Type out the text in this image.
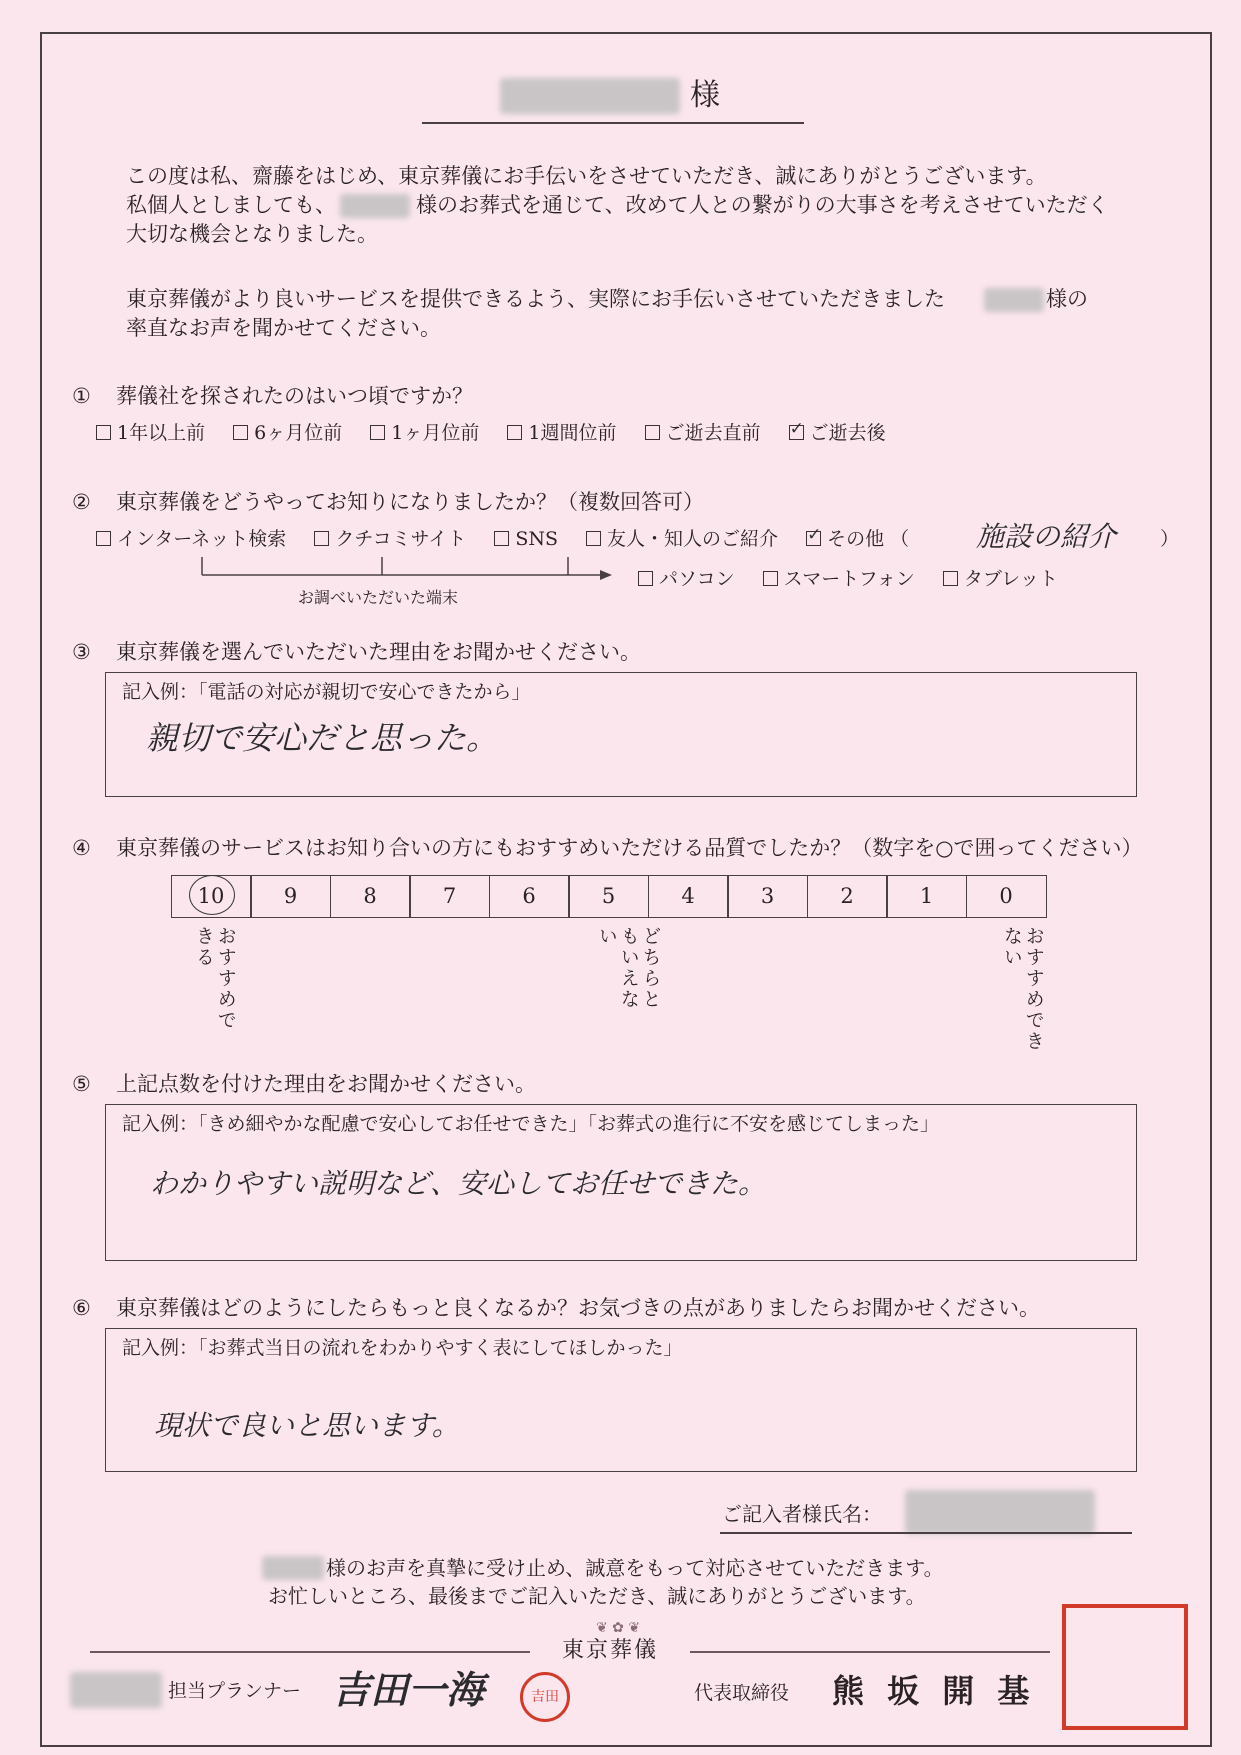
様
この度は私、齋藤をはじめ、東京葬儀にお手伝いをさせていただき、誠にありがとうございます。
私個人としましても、	様のお葬式を通じて、改めて人との繋がりの大事さを考えさせていただく
大切な機会となりました。
東京葬儀がより良いサービスを提供できるよう、実際にお手伝いさせていただきました	様の
率直なお声を聞かせてください。
① 葬儀社を探されたのはいつ頃ですか？
1年以上前	6ヶ月位前	1ヶ月位前	1週間位前	ご逝去直前 ✓	ご逝去後
② 東京葬儀をどうやってお知りになりましたか？（複数回答可）
インターネット検索	クチコミサイト	SNS	友人・知人のご紹介 ✓	その他 （ 施設の紹介 ）
お調べいただいた端末
パソコン	スマートフォン	タブレット
③ 東京葬儀を選んでいただいた理由をお聞かせください。
記入例：「電話の対応が親切で安心できたから」
親切で安心だと思った。
④ 東京葬儀のサービスはお知り合いの方にもおすすめいただける品質でしたか？（数字を○で囲ってください）
10	9	8	7	6	5	4	3	2	1	0
おすすめできる	どちらともいえない	おすすめできない
⑤ 上記点数を付けた理由をお聞かせください。
記入例：「きめ細やかな配慮で安心してお任せできた」「お葬式の進行に不安を感じてしまった」
わかりやすい説明など、安心してお任せできた。
⑥ 東京葬儀はどのようにしたらもっと良くなるか？お気づきの点がありましたらお聞かせください。
記入例：「お葬式当日の流れをわかりやすく表にしてほしかった」
現状で良いと思います。
ご記入者様氏名：
様のお声を真摯に受け止め、誠意をもって対応させていただきます。
お忙しいところ、最後までご記入いただき、誠にありがとうございます。
❦ ✿ ❦
東京葬儀
担当プランナー 吉田一海	吉田	代表取締役 熊 坂 開 基
